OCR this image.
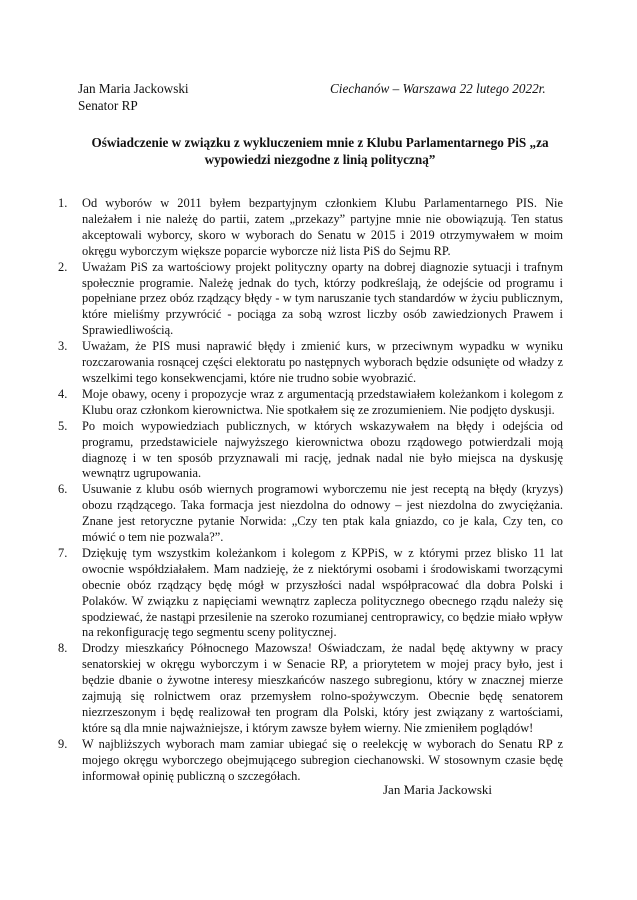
Jan Maria Jackowski
Senator RP
Ciechanów – Warszawa 22 lutego 2022r.
Oświadczenie w związku z wykluczeniem mnie z Klubu Parlamentarnego PiS „za wypowiedzi niezgodne z linią polityczną”
1. Od wyborów w 2011 byłem bezpartyjnym członkiem Klubu Parlamentarnego PIS. Nie należałem i nie należę do partii, zatem „przekazy” partyjne mnie nie obowiązują. Ten status akceptowali wyborcy, skoro w wyborach do Senatu w 2015 i 2019 otrzymywałem w moim okręgu wyborczym większe poparcie wyborcze niż lista PiS do Sejmu RP.
2. Uważam PiS za wartościowy projekt polityczny oparty na dobrej diagnozie sytuacji i trafnym społecznie programie. Należę jednak do tych, którzy podkreślają, że odejście od programu i popełniane przez obóz rządzący błędy - w tym naruszanie tych standardów w życiu publicznym, które mieliśmy przywrócić - pociąga za sobą wzrost liczby osób zawiedzionych Prawem i Sprawiedliwością.
3. Uważam, że PIS musi naprawić błędy i zmienić kurs, w przeciwnym wypadku w wyniku rozczarowania rosnącej części elektoratu po następnych wyborach będzie odsunięte od władzy z wszelkimi tego konsekwencjami, które nie trudno sobie wyobrazić.
4. Moje obawy, oceny i propozycje wraz z argumentacją przedstawiałem koleżankom i kolegom z Klubu oraz członkom kierownictwa. Nie spotkałem się ze zrozumieniem. Nie podjęto dyskusji.
5. Po moich wypowiedziach publicznych, w których wskazywałem na błędy i odejścia od programu, przedstawiciele najwyższego kierownictwa obozu rządowego potwierdzali moją diagnozę i w ten sposób przyznawali mi rację, jednak nadal nie było miejsca na dyskusję wewnątrz ugrupowania.
6. Usuwanie z klubu osób wiernych programowi wyborczemu nie jest receptą na błędy (kryzys) obozu rządzącego. Taka formacja jest niezdolna do odnowy – jest niezdolna do zwyciężania. Znane jest retoryczne pytanie Norwida: „Czy ten ptak kala gniazdo, co je kala, Czy ten, co mówić o tem nie pozwala?”.
7. Dziękuję tym wszystkim koleżankom i kolegom z KPPiS, w z którymi przez blisko 11 lat owocnie współdziałałem. Mam nadzieję, że z niektórymi osobami i środowiskami tworzącymi obecnie obóz rządzący będę mógł w przyszłości nadal współpracować dla dobra Polski i Polaków. W związku z napięciami wewnątrz zaplecza politycznego obecnego rządu należy się spodziewać, że nastąpi przesilenie na szeroko rozumianej centroprawicy, co będzie miało wpływ na rekonfigurację tego segmentu sceny politycznej.
8. Drodzy mieszkańcy Północnego Mazowsza! Oświadczam, że nadal będę aktywny w pracy senatorskiej w okręgu wyborczym i w Senacie RP, a priorytetem w mojej pracy było, jest i będzie dbanie o żywotne interesy mieszkańców naszego subregionu, który w znacznej mierze zajmują się rolnictwem oraz przemysłem rolno-spożywczym. Obecnie będę senatorem niezrzeszonym i będę realizował ten program dla Polski, który jest związany z wartościami, które są dla mnie najważniejsze, i którym zawsze byłem wierny. Nie zmieniłem poglądów!
9. W najbliższych wyborach mam zamiar ubiegać się o reelekcję w wyborach do Senatu RP z mojego okręgu wyborczego obejmującego subregion ciechanowski. W stosownym czasie będę informował opinię publiczną o szczegółach.
Jan Maria Jackowski
